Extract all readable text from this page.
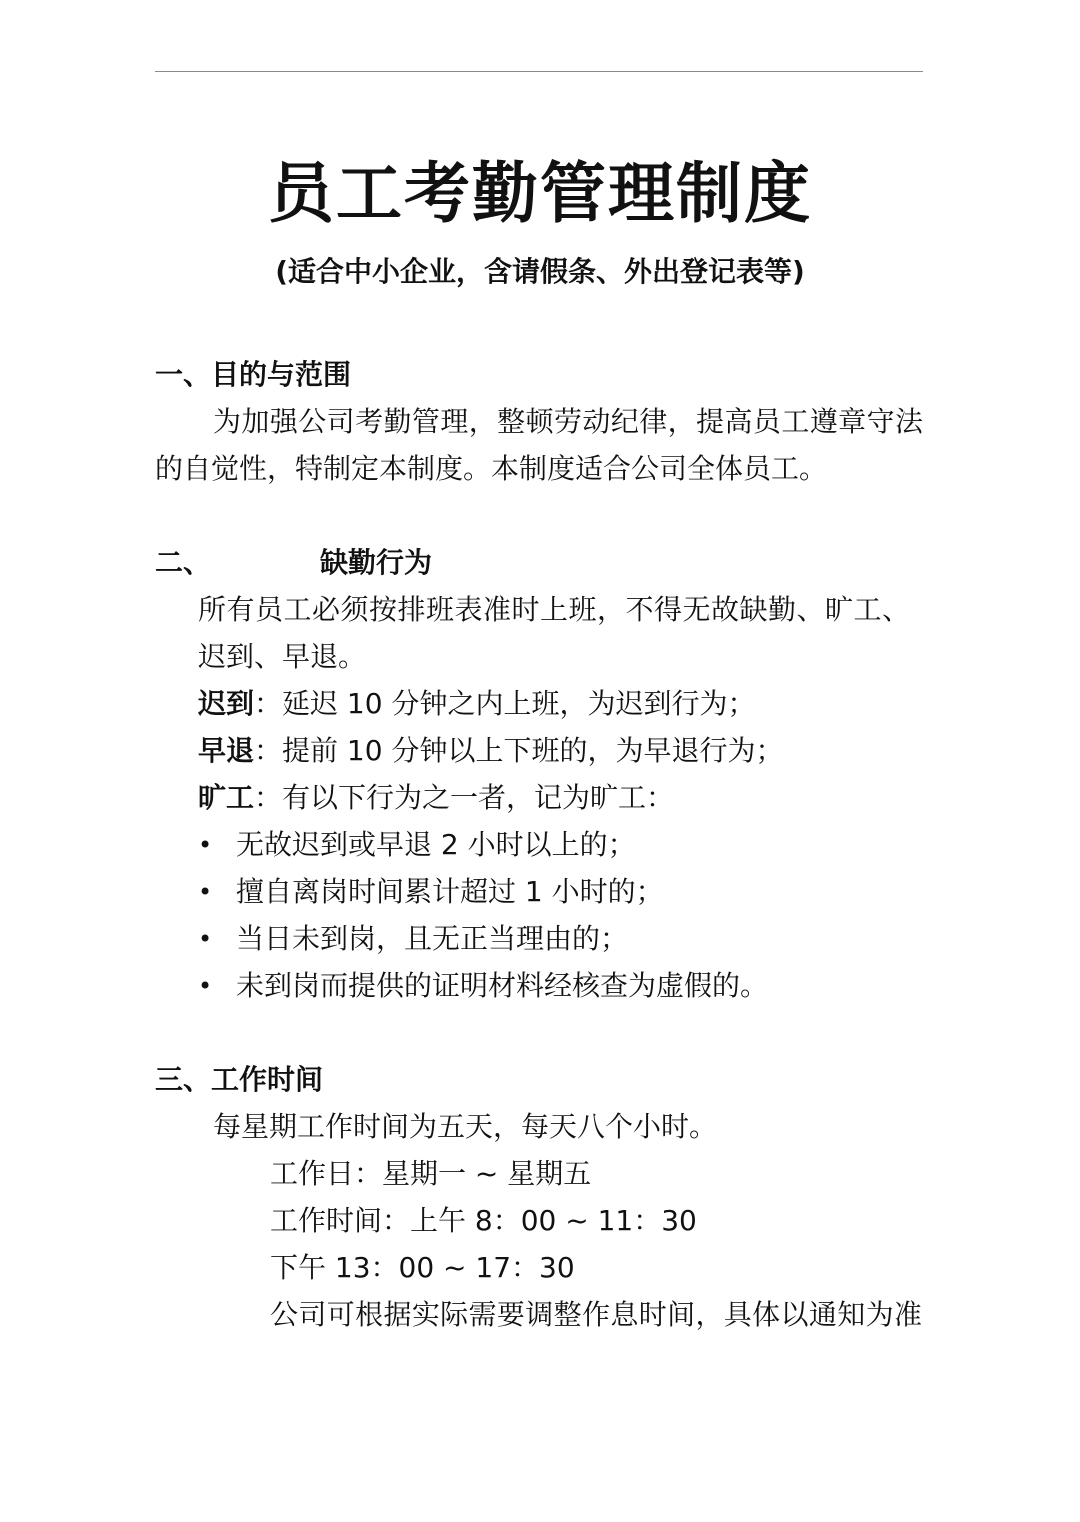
员工考勤管理制度
(适合中小企业，含请假条、外出登记表等)
一、目的与范围
为加强公司考勤管理，整顿劳动纪律，提高员工遵章守法
的自觉性，特制定本制度。本制度适合公司全体员工。
二、	缺勤行为
所有员工必须按排班表准时上班，不得无故缺勤、旷工、
迟到、早退。
迟到：延迟 10 分钟之内上班，为迟到行为；
早退：提前 10 分钟以上下班的，为早退行为；
旷工：有以下行为之一者，记为旷工：
• 无故迟到或早退 2 小时以上的；
• 擅自离岗时间累计超过 1 小时的；
• 当日未到岗，且无正当理由的；
• 未到岗而提供的证明材料经核查为虚假的。
三、工作时间
每星期工作时间为五天，每天八个小时。
工作日：星期一 ~ 星期五
工作时间：上午 8：00 ~ 11：30
下午 13：00 ~ 17：30
公司可根据实际需要调整作息时间，具体以通知为准
